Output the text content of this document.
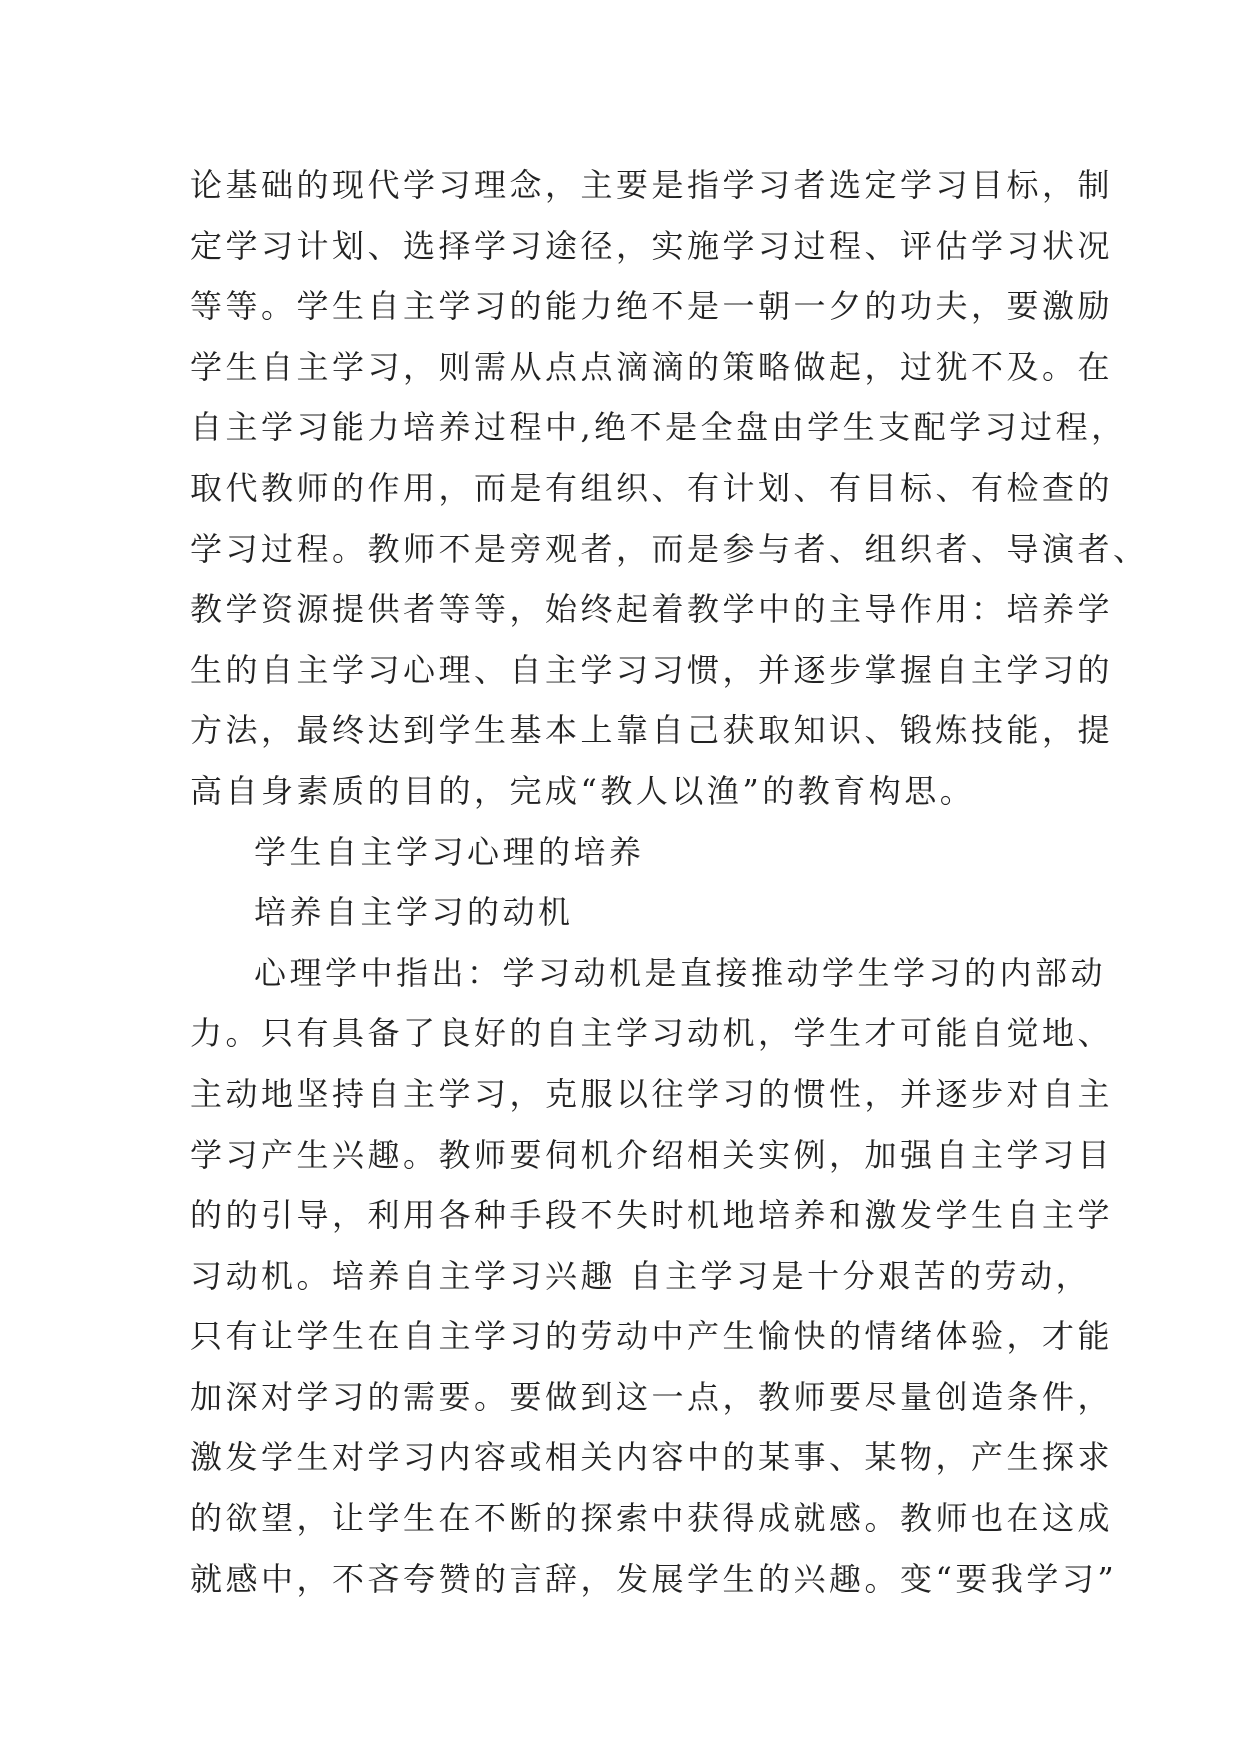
论基础的现代学习理念，主要是指学习者选定学习目标，制
定学习计划、选择学习途径，实施学习过程、评估学习状况
等等。学生自主学习的能力绝不是一朝一夕的功夫，要激励
学生自主学习，则需从点点滴滴的策略做起，过犹不及。在
自主学习能力培养过程中,绝不是全盘由学生支配学习过程，
取代教师的作用，而是有组织、有计划、有目标、有检查的
学习过程。教师不是旁观者，而是参与者、组织者、导演者、
教学资源提供者等等，始终起着教学中的主导作用：培养学
生的自主学习心理、自主学习习惯，并逐步掌握自主学习的
方法，最终达到学生基本上靠自己获取知识、锻炼技能，提
高自身素质的目的，完成“教人以渔”的教育构思。
学生自主学习心理的培养
培养自主学习的动机
心理学中指出：学习动机是直接推动学生学习的内部动
力。只有具备了良好的自主学习动机，学生才可能自觉地、
主动地坚持自主学习，克服以往学习的惯性，并逐步对自主
学习产生兴趣。教师要伺机介绍相关实例，加强自主学习目
的的引导，利用各种手段不失时机地培养和激发学生自主学
习动机。培养自主学习兴趣 自主学习是十分艰苦的劳动，
只有让学生在自主学习的劳动中产生愉快的情绪体验，才能
加深对学习的需要。要做到这一点，教师要尽量创造条件，
激发学生对学习内容或相关内容中的某事、某物，产生探求
的欲望，让学生在不断的探索中获得成就感。教师也在这成
就感中，不吝夸赞的言辞，发展学生的兴趣。变“要我学习”
